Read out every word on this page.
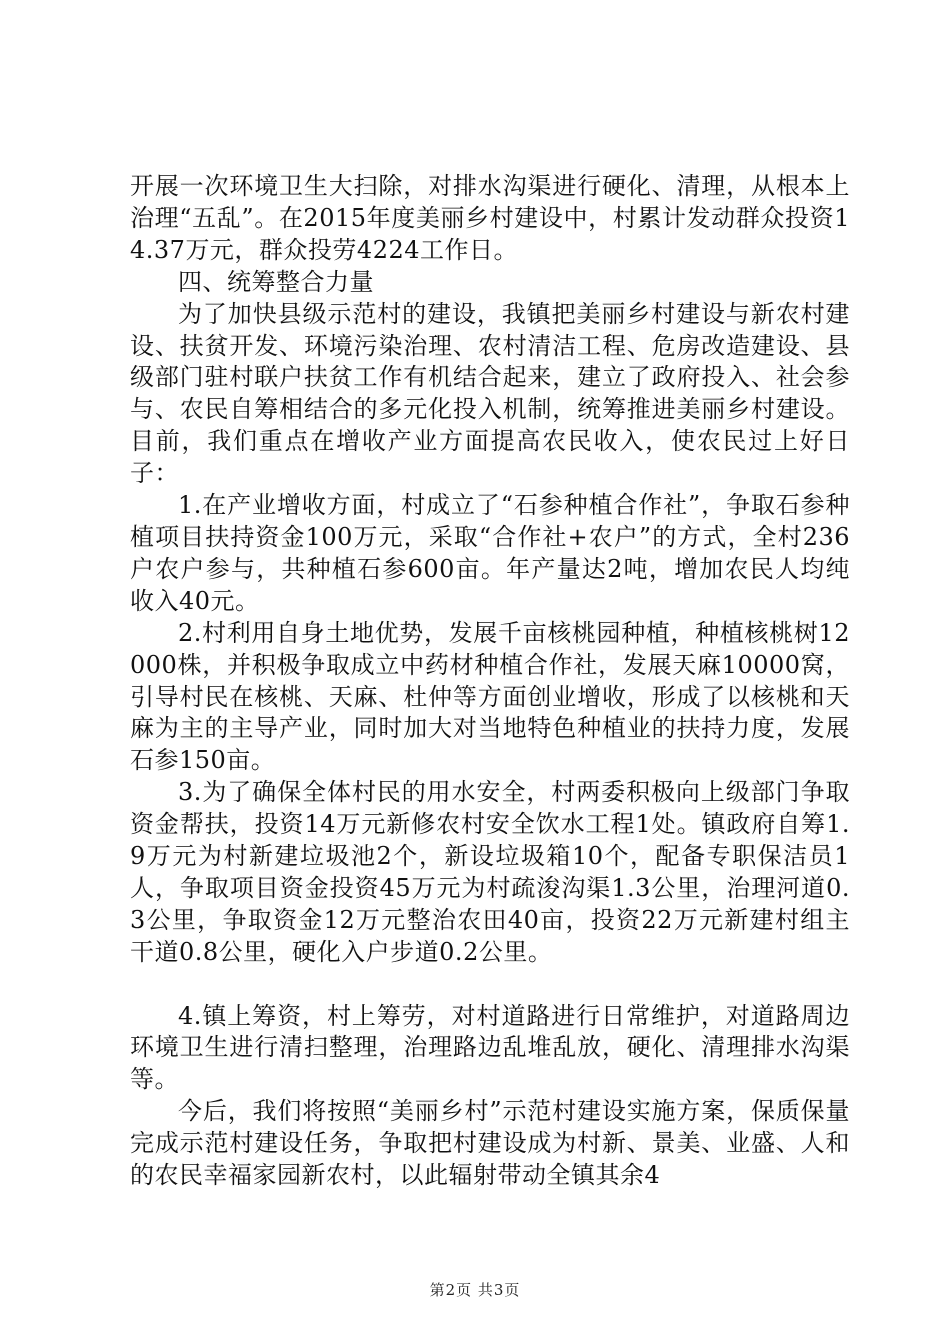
开展一次环境卫生大扫除，对排水沟渠进行硬化、清理，从根本上治理“五乱”。在2015年度美丽乡村建设中，村累计发动群众投资14.37万元，群众投劳4224工作日。

四、统筹整合力量

为了加快县级示范村的建设，我镇把美丽乡村建设与新农村建设、扶贫开发、环境污染治理、农村清洁工程、危房改造建设、县级部门驻村联户扶贫工作有机结合起来，建立了政府投入、社会参与、农民自筹相结合的多元化投入机制，统筹推进美丽乡村建设。目前，我们重点在增收产业方面提高农民收入，使农民过上好日子：

1.在产业增收方面，村成立了“石参种植合作社”，争取石参种植项目扶持资金100万元，采取“合作社+农户”的方式，全村236户农户参与，共种植石参600亩。年产量达2吨，增加农民人均纯收入40元。

2.村利用自身土地优势，发展千亩核桃园种植，种植核桃树12000株，并积极争取成立中药材种植合作社，发展天麻10000窝，引导村民在核桃、天麻、杜仲等方面创业增收，形成了以核桃和天麻为主的主导产业，同时加大对当地特色种植业的扶持力度，发展石参150亩。

3.为了确保全体村民的用水安全，村两委积极向上级部门争取资金帮扶，投资14万元新修农村安全饮水工程1处。镇政府自筹1.9万元为村新建垃圾池2个，新设垃圾箱10个，配备专职保洁员1人，争取项目资金投资45万元为村疏浚沟渠1.3公里，治理河道0.3公里，争取资金12万元整治农田40亩，投资22万元新建村组主干道0.8公里，硬化入户步道0.2公里。

4.镇上筹资，村上筹劳，对村道路进行日常维护，对道路周边环境卫生进行清扫整理，治理路边乱堆乱放，硬化、清理排水沟渠等。

今后，我们将按照“美丽乡村”示范村建设实施方案，保质保量完成示范村建设任务，争取把村建设成为村新、景美、业盛、人和的农民幸福家园新农村，以此辐射带动全镇其余4

第2页 共3页
